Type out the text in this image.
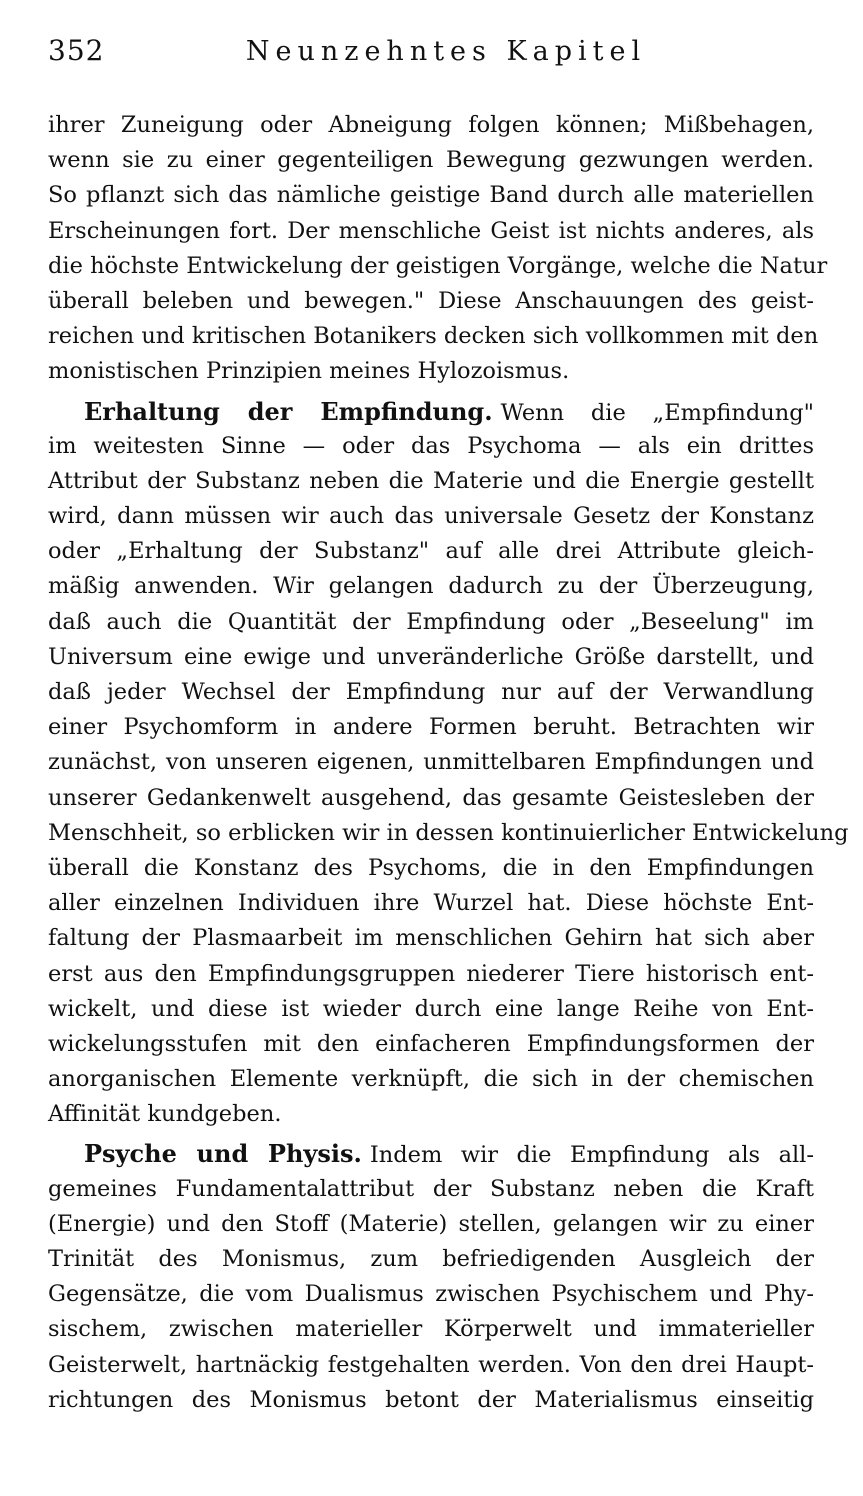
352	Neunzehntes Kapitel
ihrer Zuneigung oder Abneigung folgen können; Mißbehagen,
wenn sie zu einer gegenteiligen Bewegung gezwungen werden.
So pflanzt sich das nämliche geistige Band durch alle materiellen
Erscheinungen fort. Der menschliche Geist ist nichts anderes, als
die höchste Entwickelung der geistigen Vorgänge, welche die Natur
überall beleben und bewegen." Diese Anschauungen des geist-
reichen und kritischen Botanikers decken sich vollkommen mit den
monistischen Prinzipien meines Hylozoismus.
Erhaltung der Empfindung. Wenn die „Empfindung"
im weitesten Sinne — oder das Psychoma — als ein drittes
Attribut der Substanz neben die Materie und die Energie gestellt
wird, dann müssen wir auch das universale Gesetz der Konstanz
oder „Erhaltung der Substanz" auf alle drei Attribute gleich-
mäßig anwenden. Wir gelangen dadurch zu der Überzeugung,
daß auch die Quantität der Empfindung oder „Beseelung" im
Universum eine ewige und unveränderliche Größe darstellt, und
daß jeder Wechsel der Empfindung nur auf der Verwandlung
einer Psychomform in andere Formen beruht. Betrachten wir
zunächst, von unseren eigenen, unmittelbaren Empfindungen und
unserer Gedankenwelt ausgehend, das gesamte Geistesleben der
Menschheit, so erblicken wir in dessen kontinuierlicher Entwickelung
überall die Konstanz des Psychoms, die in den Empfindungen
aller einzelnen Individuen ihre Wurzel hat. Diese höchste Ent-
faltung der Plasmaarbeit im menschlichen Gehirn hat sich aber
erst aus den Empfindungsgruppen niederer Tiere historisch ent-
wickelt, und diese ist wieder durch eine lange Reihe von Ent-
wickelungsstufen mit den einfacheren Empfindungsformen der
anorganischen Elemente verknüpft, die sich in der chemischen
Affinität kundgeben.
Psyche und Physis. Indem wir die Empfindung als all-
gemeines Fundamentalattribut der Substanz neben die Kraft
(Energie) und den Stoff (Materie) stellen, gelangen wir zu einer
Trinität des Monismus, zum befriedigenden Ausgleich der
Gegensätze, die vom Dualismus zwischen Psychischem und Phy-
sischem, zwischen materieller Körperwelt und immaterieller
Geisterwelt, hartnäckig festgehalten werden. Von den drei Haupt-
richtungen des Monismus betont der Materialismus einseitig
